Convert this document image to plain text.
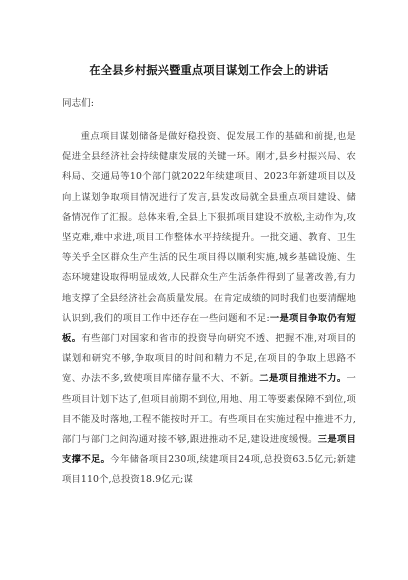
在全县乡村振兴暨重点项目谋划工作会上的讲话

同志们:

重点项目谋划储备是做好稳投资、促发展工作的基础和前提,也是促进全县经济社会持续健康发展的关键一环。刚才,县乡村振兴局、农科局、交通局等10个部门就2022年续建项目、2023年新建项目以及向上谋划争取项目情况进行了发言,县发改局就全县重点项目建设、储备情况作了汇报。总体来看,全县上下狠抓项目建设不放松,主动作为,攻坚克难,难中求进,项目工作整体水平持续提升。一批交通、教育、卫生等关乎全区群众生产生活的民生项目得以顺利实施,城乡基础设施、生态环境建设取得明显成效,人民群众生产生活条件得到了显著改善,有力地支撑了全县经济社会高质量发展。在肯定成绩的同时我们也要清醒地认识到,我们的项目工作中还存在一些问题和不足:一是项目争取仍有短板。有些部门对国家和省市的投资导向研究不透、把握不准,对项目的谋划和研究不够,争取项目的时间和精力不足,在项目的争取上思路不宽、办法不多,致使项目库储存量不大、不新。二是项目推进不力。一些项目计划下达了,但项目前期不到位,用地、用工等要素保障不到位,项目不能及时落地,工程不能按时开工。有些项目在实施过程中推进不力,部门与部门之间沟通对接不够,跟进推动不足,建设进度缓慢。三是项目支撑不足。今年储备项目230项,续建项目24项,总投资63.5亿元;新建项目110个,总投资18.9亿元;谋
